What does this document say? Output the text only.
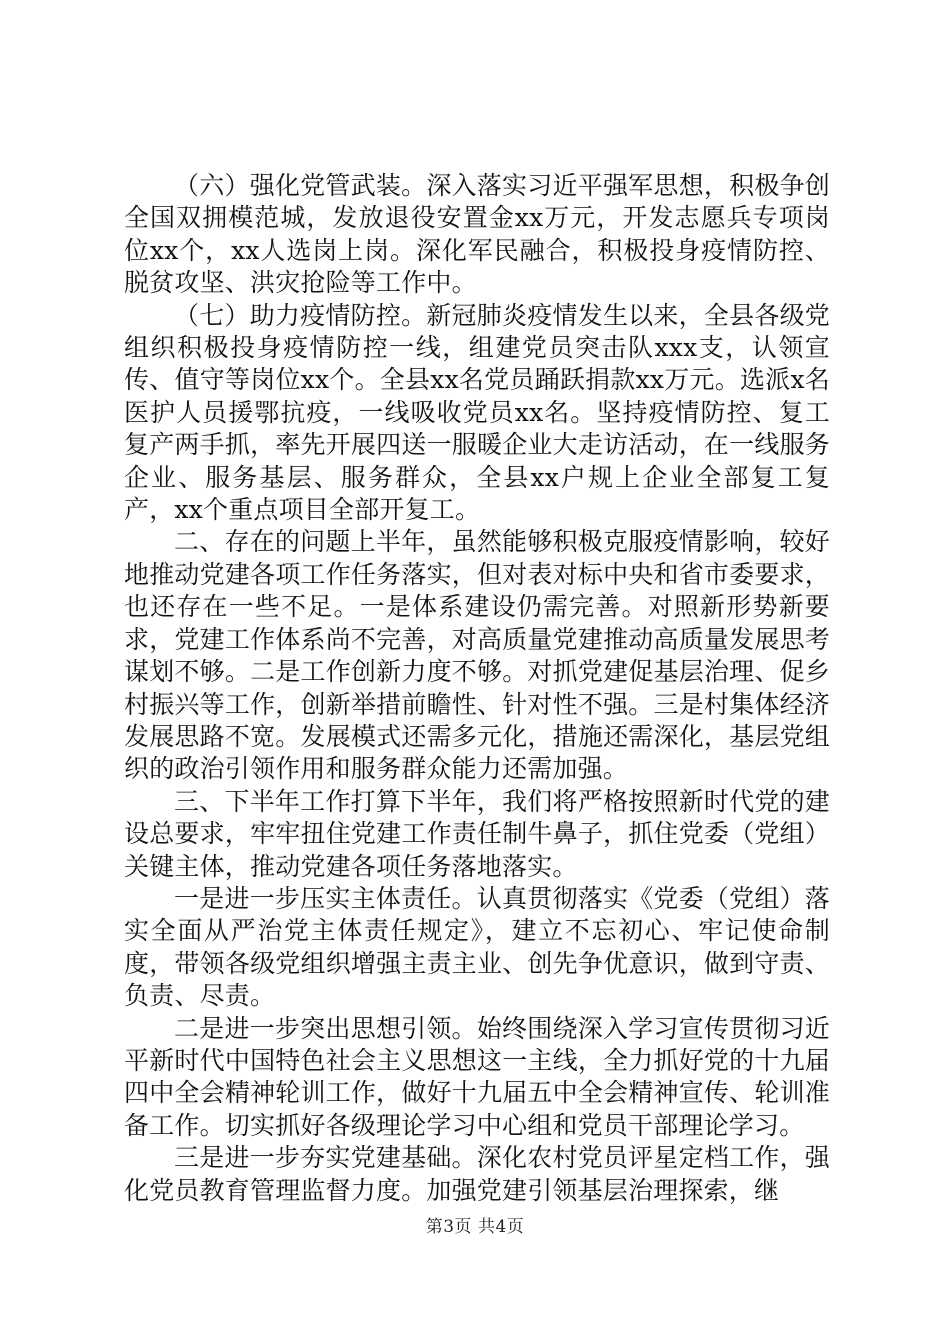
（六）强化党管武装。深入落实习近平强军思想，积极争创全国双拥模范城，发放退役安置金xx万元，开发志愿兵专项岗位xx个，xx人选岗上岗。深化军民融合，积极投身疫情防控、脱贫攻坚、洪灾抢险等工作中。

（七）助力疫情防控。新冠肺炎疫情发生以来，全县各级党组织积极投身疫情防控一线，组建党员突击队xxx支，认领宣传、值守等岗位xx个。全县xx名党员踊跃捐款xx万元。选派x名医护人员援鄂抗疫，一线吸收党员xx名。坚持疫情防控、复工复产两手抓，率先开展四送一服暖企业大走访活动，在一线服务企业、服务基层、服务群众，全县xx户规上企业全部复工复产，xx个重点项目全部开复工。

二、存在的问题上半年，虽然能够积极克服疫情影响，较好地推动党建各项工作任务落实，但对表对标中央和省市委要求，也还存在一些不足。一是体系建设仍需完善。对照新形势新要求，党建工作体系尚不完善，对高质量党建推动高质量发展思考谋划不够。二是工作创新力度不够。对抓党建促基层治理、促乡村振兴等工作，创新举措前瞻性、针对性不强。三是村集体经济发展思路不宽。发展模式还需多元化，措施还需深化，基层党组织的政治引领作用和服务群众能力还需加强。

三、下半年工作打算下半年，我们将严格按照新时代党的建设总要求，牢牢扭住党建工作责任制牛鼻子，抓住党委（党组）关键主体，推动党建各项任务落地落实。

一是进一步压实主体责任。认真贯彻落实《党委（党组）落实全面从严治党主体责任规定》，建立不忘初心、牢记使命制度，带领各级党组织增强主责主业、创先争优意识，做到守责、负责、尽责。

二是进一步突出思想引领。始终围绕深入学习宣传贯彻习近平新时代中国特色社会主义思想这一主线，全力抓好党的十九届四中全会精神轮训工作，做好十九届五中全会精神宣传、轮训准备工作。切实抓好各级理论学习中心组和党员干部理论学习。

三是进一步夯实党建基础。深化农村党员评星定档工作，强化党员教育管理监督力度。加强党建引领基层治理探索，继

第3页 共4页
